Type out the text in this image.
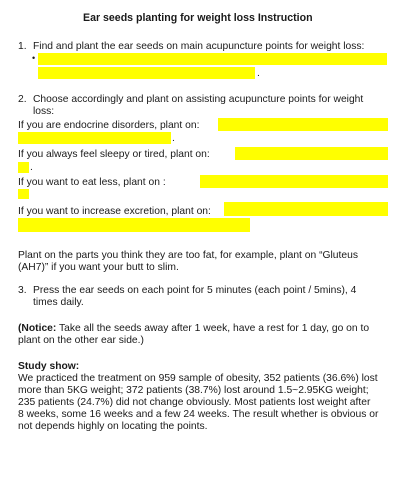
Ear seeds planting for weight loss Instruction
1. Find and plant the ear seeds on main acupuncture points for weight loss:
•
.
2. Choose accordingly and plant on assisting acupuncture points for weight
loss:
If you are endocrine disorders, plant on:
.
If you always feel sleepy or tired, plant on:
.
If you want to eat less, plant on :
If you want to increase excretion, plant on:
Plant on the parts you think they are too fat, for example, plant on “Gluteus
(AH7)” if you want your butt to slim.
3. Press the ear seeds on each point for 5 minutes (each point / 5mins), 4
times daily.
(Notice: Take all the seeds away after 1 week, have a rest for 1 day, go on to
plant on the other ear side.)
Study show:
We practiced the treatment on 959 sample of obesity, 352 patients (36.6%) lost
more than 5KG weight; 372 patients (38.7%) lost around 1.5~2.95KG weight;
235 patients (24.7%) did not change obviously. Most patients lost weight after
8 weeks, some 16 weeks and a few 24 weeks. The result whether is obvious or
not depends highly on locating the points.
